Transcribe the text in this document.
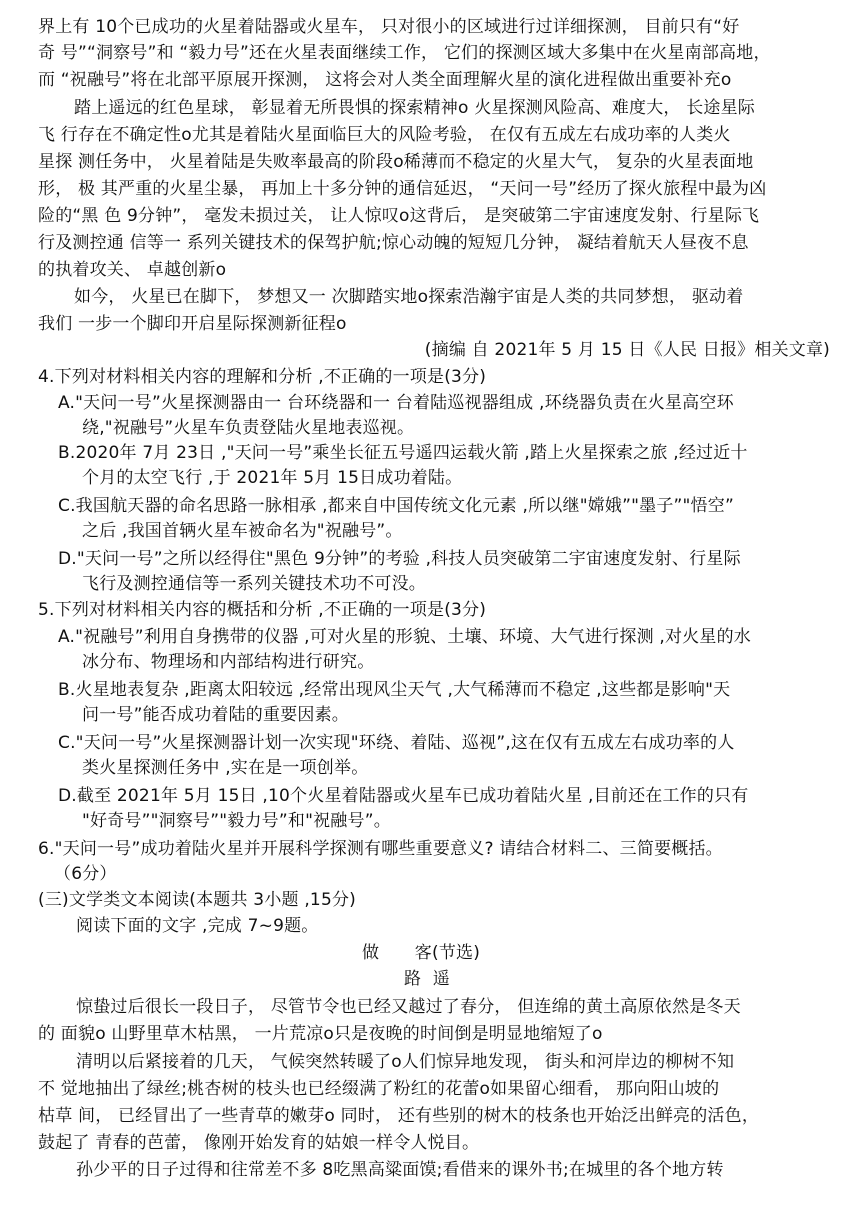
界上有 10个已成功的火星着陆器或火星车， 只对很小的区域进行过详细探测， 目前只有“好
奇 号”“洞察号”和 “毅力号”还在火星表面继续工作， 它们的探测区域大多集中在火星南部高地，
而 “祝融号”将在北部平原展开探测， 这将会对人类全面理解火星的演化进程做出重要补充o
踏上遥远的红色星球， 彰显着无所畏惧的探索精神o 火星探测风险高、难度大， 长途星际
飞 行存在不确定性o尤其是着陆火星面临巨大的风险考验， 在仅有五成左右成功率的人类火
星探 测任务中， 火星着陆是失败率最高的阶段o稀薄而不稳定的火星大气， 复杂的火星表面地
形， 极 其严重的火星尘暴， 再加上十多分钟的通信延迟， “天问一号”经历了探火旅程中最为凶
险的“黑 色 9分钟”， 毫发未损过关， 让人惊叹o这背后， 是突破第二宇宙速度发射、行星际飞
行及测控通 信等一 系列关键技术的保驾护航;惊心动魄的短短几分钟， 凝结着航天人昼夜不息
的执着攻关、 卓越创新o
如今， 火星已在脚下， 梦想又一 次脚踏实地o探索浩瀚宇宙是人类的共同梦想， 驱动着
我们 一步一个脚印开启星际探测新征程o
(摘编 自 2021年 5 月 15 日《人民 日报》相关文章)
4.下列对材料相关内容的理解和分析 ,不正确的一项是(3分)
A."天问一号”火星探测器由一 台环绕器和一 台着陆巡视器组成 ,环绕器负责在火星高空环
绕,"祝融号”火星车负责登陆火星地表巡视。
B.2020年 7月 23日 ,"天问一号”乘坐长征五号遥四运载火箭 ,踏上火星探索之旅 ,经过近十
个月的太空飞行 ,于 2021年 5月 15日成功着陆。
C.我国航天器的命名思路一脉相承 ,都来自中国传统文化元素 ,所以继"嫦娥”"墨子”"悟空”
之后 ,我国首辆火星车被命名为"祝融号”。
D."天问一号”之所以经得住"黑色 9分钟”的考验 ,科技人员突破第二宇宙速度发射、行星际
飞行及测控通信等一系列关键技术功不可没。
5.下列对材料相关内容的概括和分析 ,不正确的一项是(3分)
A."祝融号”利用自身携带的仪器 ,可对火星的形貌、土壤、环境、大气进行探测 ,对火星的水
冰分布、物理场和内部结构进行研究。
B.火星地表复杂 ,距离太阳较远 ,经常出现风尘天气 ,大气稀薄而不稳定 ,这些都是影响"天
问一号”能否成功着陆的重要因素。
C."天问一号”火星探测器计划一次实现"环绕、着陆、巡视”,这在仅有五成左右成功率的人
类火星探测任务中 ,实在是一项创举。
D.截至 2021年 5月 15日 ,10个火星着陆器或火星车已成功着陆火星 ,目前还在工作的只有
"好奇号”"洞察号”"毅力号”和"祝融号”。
6."天问一号”成功着陆火星并开展科学探测有哪些重要意义? 请结合材料二、三简要概括。
（6分）
(三)文学类文本阅读(本题共 3小题 ,15分)
阅读下面的文字 ,完成 7~9题。
做 客(节选)
路 遥
惊蛰过后很长一段日子， 尽管节令也已经又越过了春分， 但连绵的黄土高原依然是冬天
的 面貌o 山野里草木枯黑， 一片荒凉o只是夜晚的时间倒是明显地缩短了o
清明以后紧接着的几天， 气候突然转暖了o人们惊异地发现， 街头和河岸边的柳树不知
不 觉地抽出了绿丝;桃杏树的枝头也已经缀满了粉红的花蕾o如果留心细看， 那向阳山坡的
枯草 间， 已经冒出了一些青草的嫩芽o 同时， 还有些别的树木的枝条也开始泛出鲜亮的活色，
鼓起了 青春的芭蕾， 像刚开始发育的姑娘一样令人悦目。
孙少平的日子过得和往常差不多 8吃黑高粱面馍;看借来的课外书;在城里的各个地方转
